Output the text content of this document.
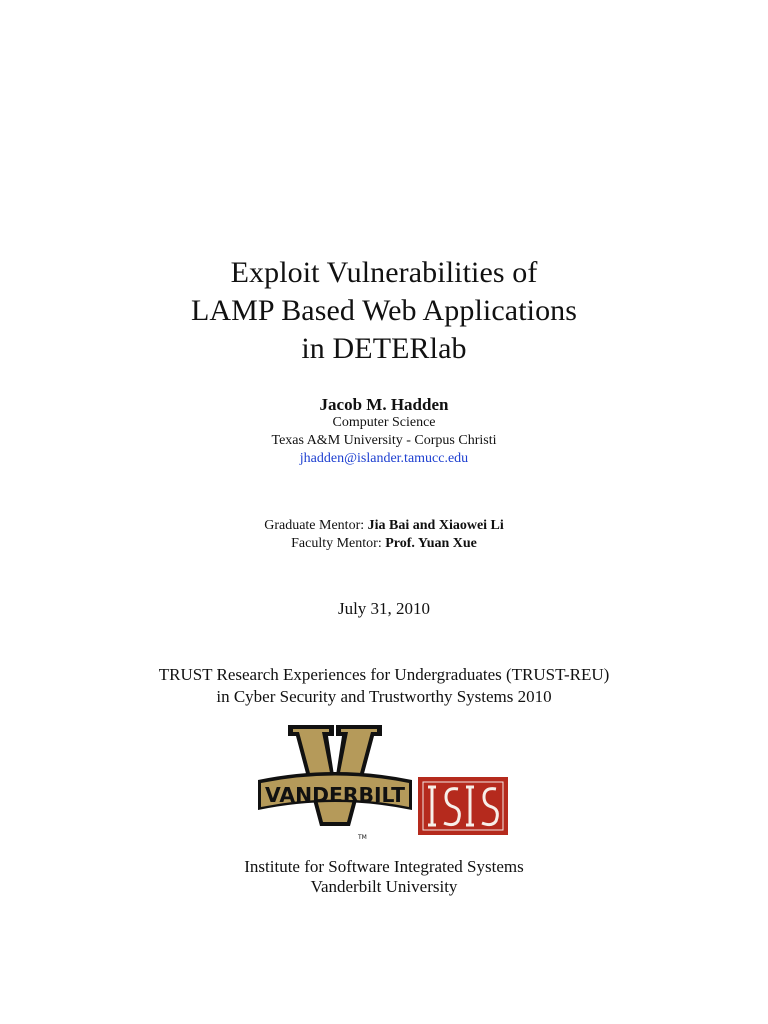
Exploit Vulnerabilities of
LAMP Based Web Applications
in DETERlab
Jacob M. Hadden
Computer Science
Texas A&M University - Corpus Christi
jhadden@islander.tamucc.edu
Graduate Mentor: Jia Bai and Xiaowei Li
Faculty Mentor: Prof. Yuan Xue
July 31, 2010
TRUST Research Experiences for Undergraduates (TRUST-REU)
in Cyber Security and Trustworthy Systems 2010
VANDERBILT
TM
Institute for Software Integrated Systems
Vanderbilt University
